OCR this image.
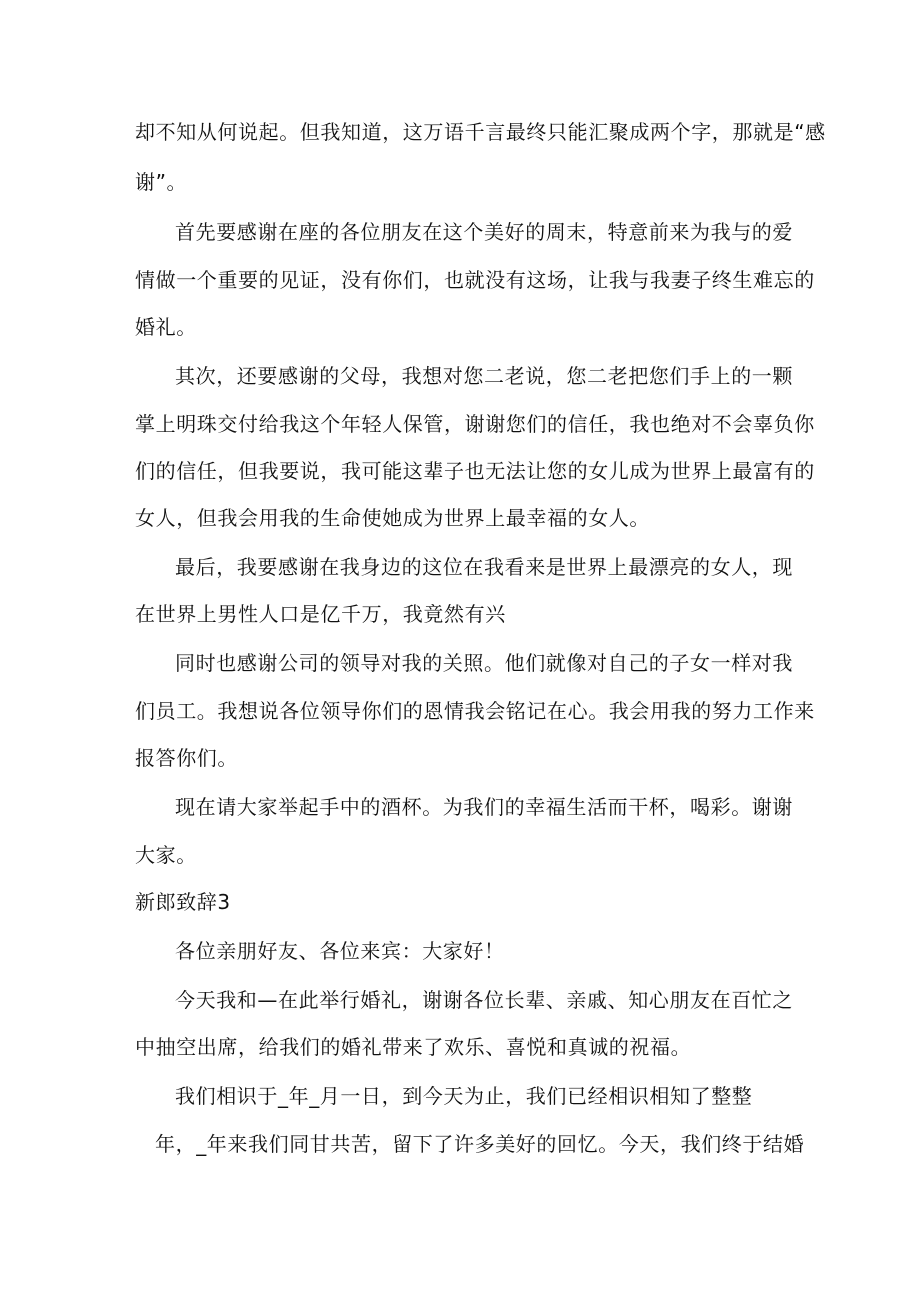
却不知从何说起。但我知道，这万语千言最终只能汇聚成两个字，那就是“感
谢”。
首先要感谢在座的各位朋友在这个美好的周末，特意前来为我与的爱
情做一个重要的见证，没有你们，也就没有这场，让我与我妻子终生难忘的
婚礼。
其次，还要感谢的父母，我想对您二老说，您二老把您们手上的一颗
掌上明珠交付给我这个年轻人保管，谢谢您们的信任，我也绝对不会辜负你
们的信任，但我要说，我可能这辈子也无法让您的女儿成为世界上最富有的
女人，但我会用我的生命使她成为世界上最幸福的女人。
最后，我要感谢在我身边的这位在我看来是世界上最漂亮的女人，现
在世界上男性人口是亿千万，我竟然有兴
同时也感谢公司的领导对我的关照。他们就像对自己的子女一样对我
们员工。我想说各位领导你们的恩情我会铭记在心。我会用我的努力工作来
报答你们。
现在请大家举起手中的酒杯。为我们的幸福生活而干杯，喝彩。谢谢
大家。
新郎致辞3
各位亲朋好友、各位来宾：大家好！
今天我和—在此举行婚礼，谢谢各位长辈、亲戚、知心朋友在百忙之
中抽空出席，给我们的婚礼带来了欢乐、喜悦和真诚的祝福。
我们相识于_年_月一日，到今天为止，我们已经相识相知了整整
年，_年来我们同甘共苦，留下了许多美好的回忆。今天，我们终于结婚
